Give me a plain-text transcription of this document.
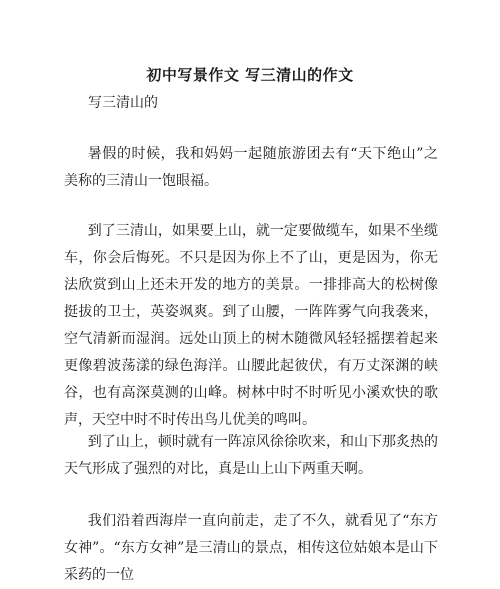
初中写景作文 写三清山的作文

写三清山的

暑假的时候，我和妈妈一起随旅游团去有“天下绝山”之美称的三清山一饱眼福。

到了三清山，如果要上山，就一定要做缆车，如果不坐缆车，你会后悔死。不只是因为你上不了山，更是因为，你无法欣赏到山上还未开发的地方的美景。一排排高大的松树像挺拔的卫士，英姿飒爽。到了山腰，一阵阵雾气向我袭来，空气清新而湿润。远处山顶上的树木随微风轻轻摇摆着起来更像碧波荡漾的绿色海洋。山腰此起彼伏，有万丈深渊的峡谷，也有高深莫测的山峰。树林中时不时听见小溪欢快的歌声，天空中时不时传出鸟儿优美的鸣叫。

到了山上，顿时就有一阵凉风徐徐吹来，和山下那炙热的天气形成了强烈的对比，真是山上山下两重天啊。

我们沿着西海岸一直向前走，走了不久，就看见了“东方女神”。“东方女神”是三清山的景点，相传这位姑娘本是山下采药的一位
